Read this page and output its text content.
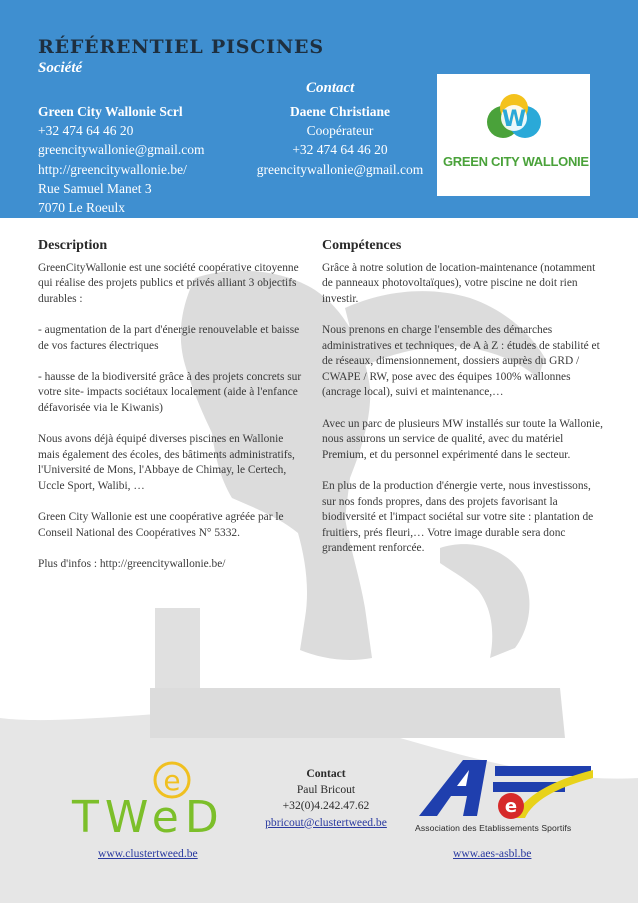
RÉFÉRENTIEL PISCINES
Société
Contact
Green City Wallonie Scrl
+32 474 64 46 20
greencitywallonie@gmail.com
http://greencitywallonie.be/
Rue Samuel Manet 3
7070 Le Roeulx
Daene Christiane
Coopérateur
+32 474 64 46 20
greencitywallonie@gmail.com
W
GREEN CITY WALLONIE
Description

GreenCityWallonie est une société coopérative citoyenne qui réalise des projets publics et privés alliant 3 objectifs durables :

- augmentation de la part d'énergie renouvelable et baisse de vos factures électriques

- hausse de la biodiversité grâce à des projets concrets sur votre site- impacts sociétaux localement (aide à l'enfance défavorisée via le Kiwanis)

Nous avons déjà équipé diverses piscines en Wallonie mais également des écoles, des bâtiments administratifs, l'Université de Mons, l'Abbaye de Chimay, le Certech, Uccle Sport, Walibi, …

Green City Wallonie est une coopérative agréée par le Conseil National des Coopératives N° 5332.

Plus d'infos : http://greencitywallonie.be/

Compétences

Grâce à notre solution de location-maintenance (notamment de panneaux photovoltaïques), votre piscine ne doit rien investir.

Nous prenons en charge l'ensemble des démarches administratives et techniques, de A à Z : études de stabilité et de réseaux, dimensionnement, dossiers auprès du GRD / CWAPE / RW, pose avec des équipes 100% wallonnes (ancrage local), suivi et maintenance,…

Avec un parc de plusieurs MW installés sur toute la Wallonie, nous assurons un service de qualité, avec du matériel Premium, et du personnel expérimenté dans le secteur.

En plus de la production d'énergie verte, nous investissons, sur nos fonds propres, dans des projets favorisant la biodiversité et l'impact sociétal sur votre site : plantation de fruitiers, prés fleuri,… Votre image durable sera donc grandement renforcée.

e
TWeD
Contact
Paul Bricout
+32(0)4.242.47.62
pbricout@clustertweed.be
e
Association des Etablissements Sportifs
www.clustertweed.be	www.aes-asbl.be
